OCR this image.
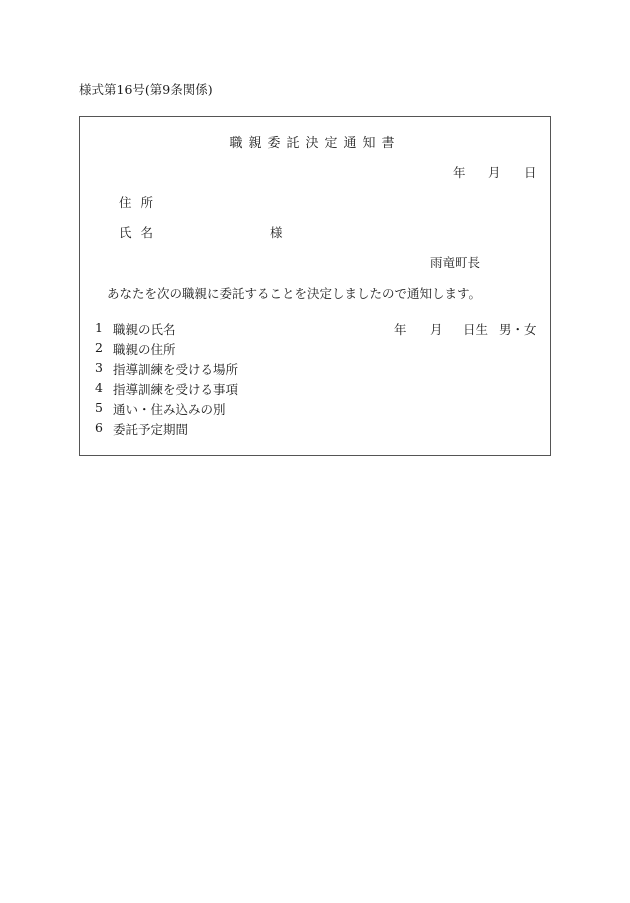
様式第16号(第9条関係)
職親委託決定通知書
年 月 日
住所
氏名	様
雨竜町長
あなたを次の職親に委託することを決定しましたので通知します。
1 職親の氏名
2 職親の住所
3 指導訓練を受ける場所
4 指導訓練を受ける事項
5 通い・住み込みの別
6 委託予定期間
年 月 日生 男・女
